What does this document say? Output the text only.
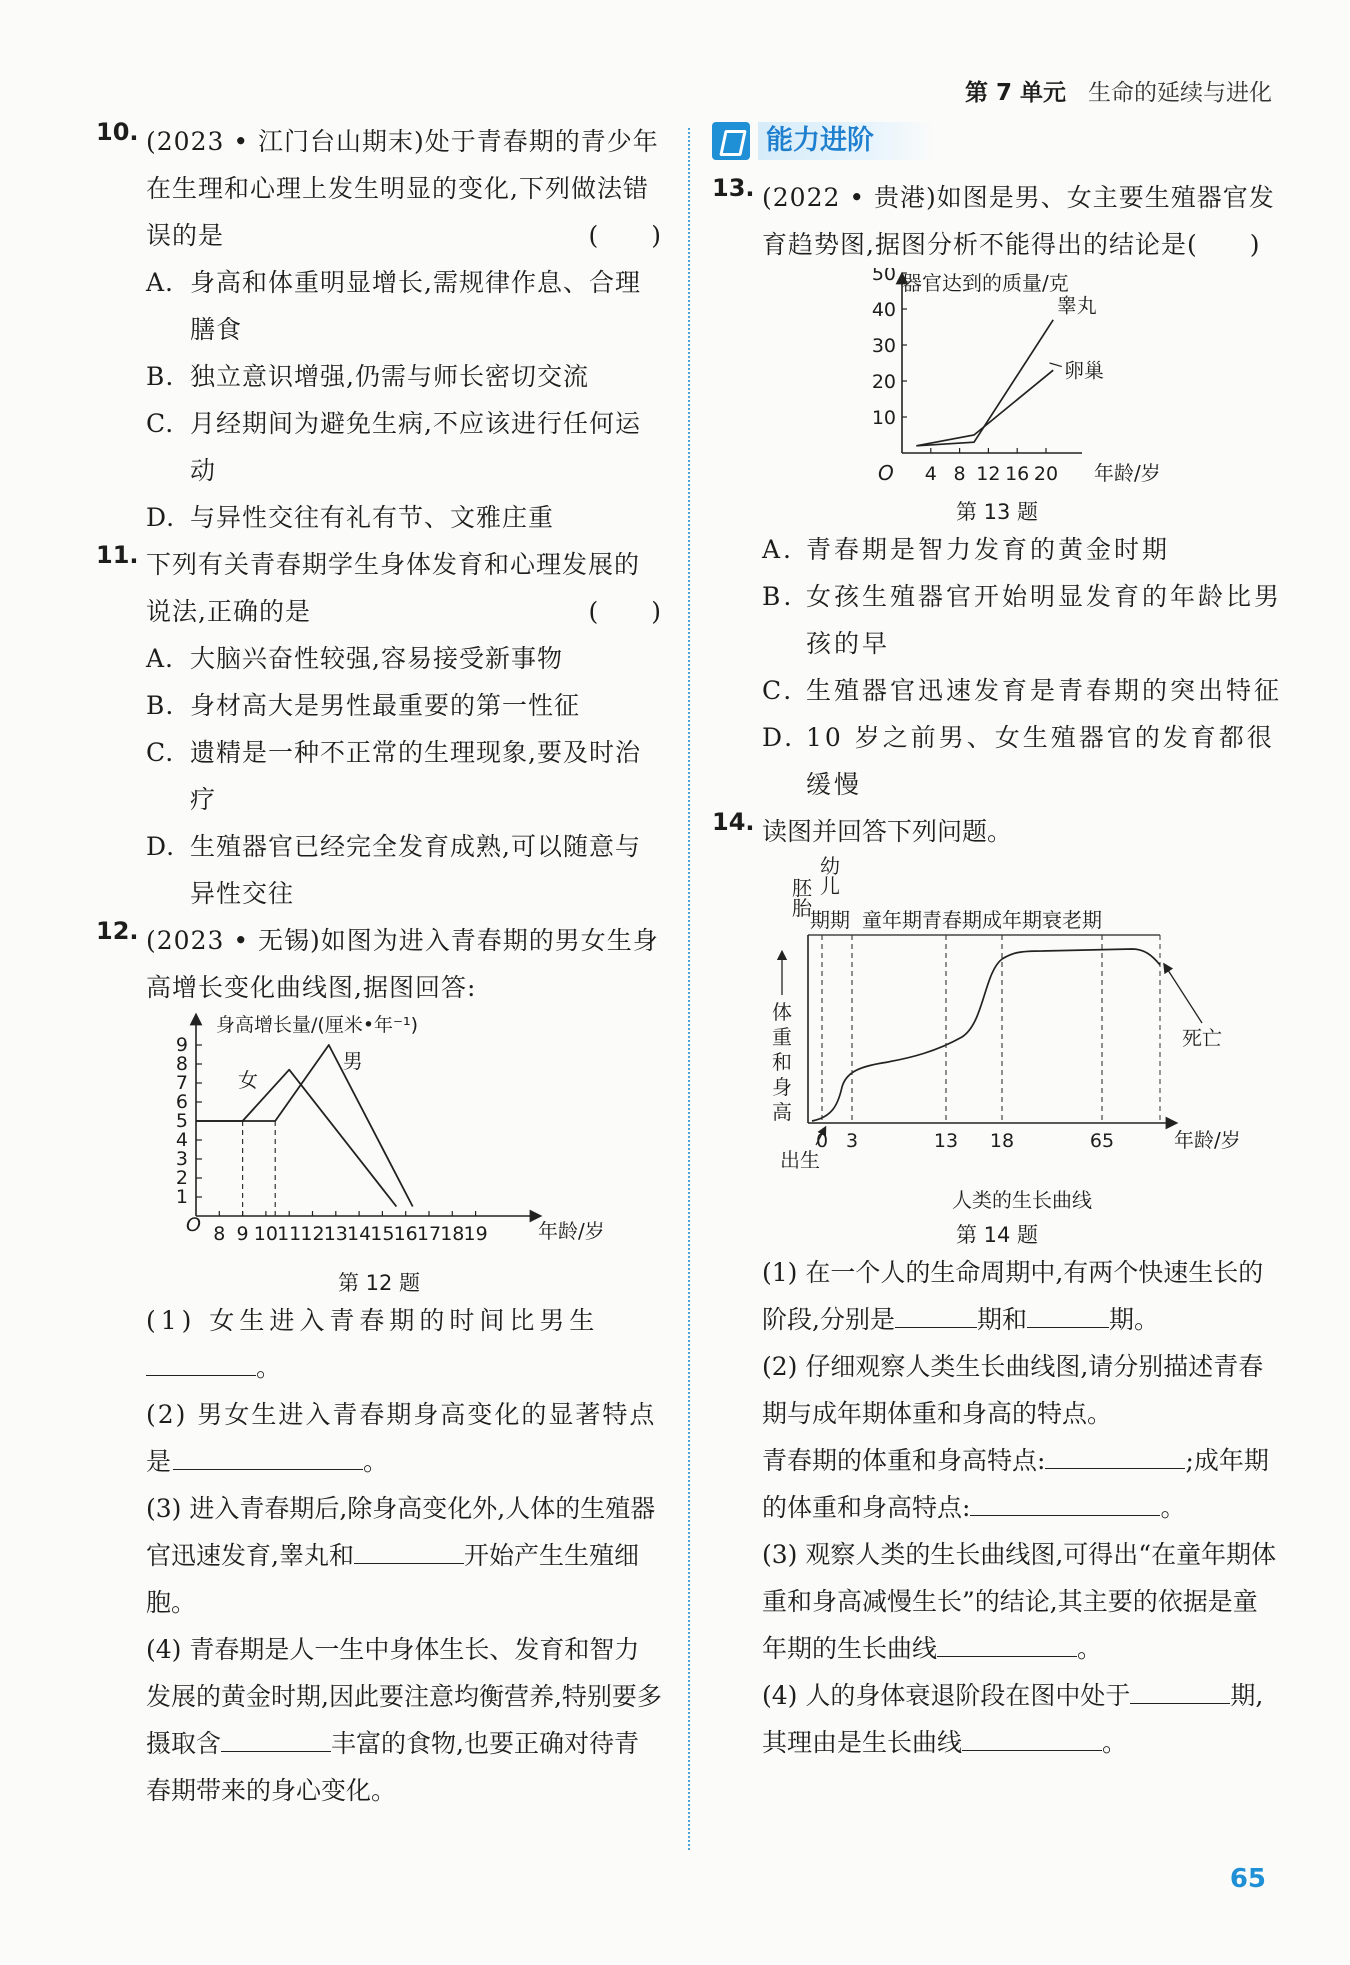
第 7 单元 生命的延续与进化
10. (2023 • 江门台山期末)处于青春期的青少年在生理和心理上发生明显的变化,下列做法错误的是	(　　)

A. 身高和体重明显增长,需规律作息、合理膳食
B. 独立意识增强,仍需与师长密切交流
C. 月经期间为避免生病,不应该进行任何运动
D. 与异性交往有礼有节、文雅庄重
11. 下列有关青春期学生身体发育和心理发展的说法,正确的是	(　　)

A. 大脑兴奋性较强,容易接受新事物
B. 身材高大是男性最重要的第一性征
C. 遗精是一种不正常的生理现象,要及时治疗
D. 生殖器官已经完全发育成熟,可以随意与异性交往
12. (2023 • 无锡)如图为进入青春期的男女生身高增长变化曲线图,据图回答:

1
2
3
4
5
6
7
8
9
8 9 10 11 12 13 14 15 16 17 18 19
身高增长量/(厘米•年⁻¹)
年龄/岁
O
女
男
第 12 题
(1) 女生进入青春期的时间比男生
。
(2) 男女生进入青春期身高变化的显著特点是	。
(3) 进入青春期后,除身高变化外,人体的生殖器官迅速发育,睾丸和	开始产生生殖细胞。
(4) 青春期是人一生中身体生长、发育和智力发展的黄金时期,因此要注意均衡营养,特别要多摄取含	丰富的食物,也要正确对待青春期带来的身心变化。
能力进阶
13. (2022 • 贵港)如图是男、女主要生殖器官发育趋势图,据图分析不能得出的结论是(　　)

10
20
30
40
50
4 8 12 16 20
器官达到的质量/克
年龄/岁
O
睾丸
卵巢
第 13 题
A. 青春期是智力发育的黄金时期
B. 女孩生殖器官开始明显发育的年龄比男孩的早
C. 生殖器官迅速发育是青春期的突出特征
D. 10 岁之前男、女生殖器官的发育都很缓慢
14. 读图并回答下列问题。

胚
胎
幼
儿
期期 童年期青春期成年期衰老期
0 3	13 18	65
体
重
和
身
高
年龄/岁
出生
死亡
人类的生长曲线
第 14 题
(1) 在一个人的生命周期中,有两个快速生长的阶段,分别是	期和	期。
(2) 仔细观察人类生长曲线图,请分别描述青春期与成年期体重和身高的特点。
青春期的体重和身高特点:	;成年期的体重和身高特点:	。
(3) 观察人类的生长曲线图,可得出“在童年期体重和身高减慢生长”的结论,其主要的依据是童年期的生长曲线	。
(4) 人的身体衰退阶段在图中处于	期,其理由是生长曲线	。
65
